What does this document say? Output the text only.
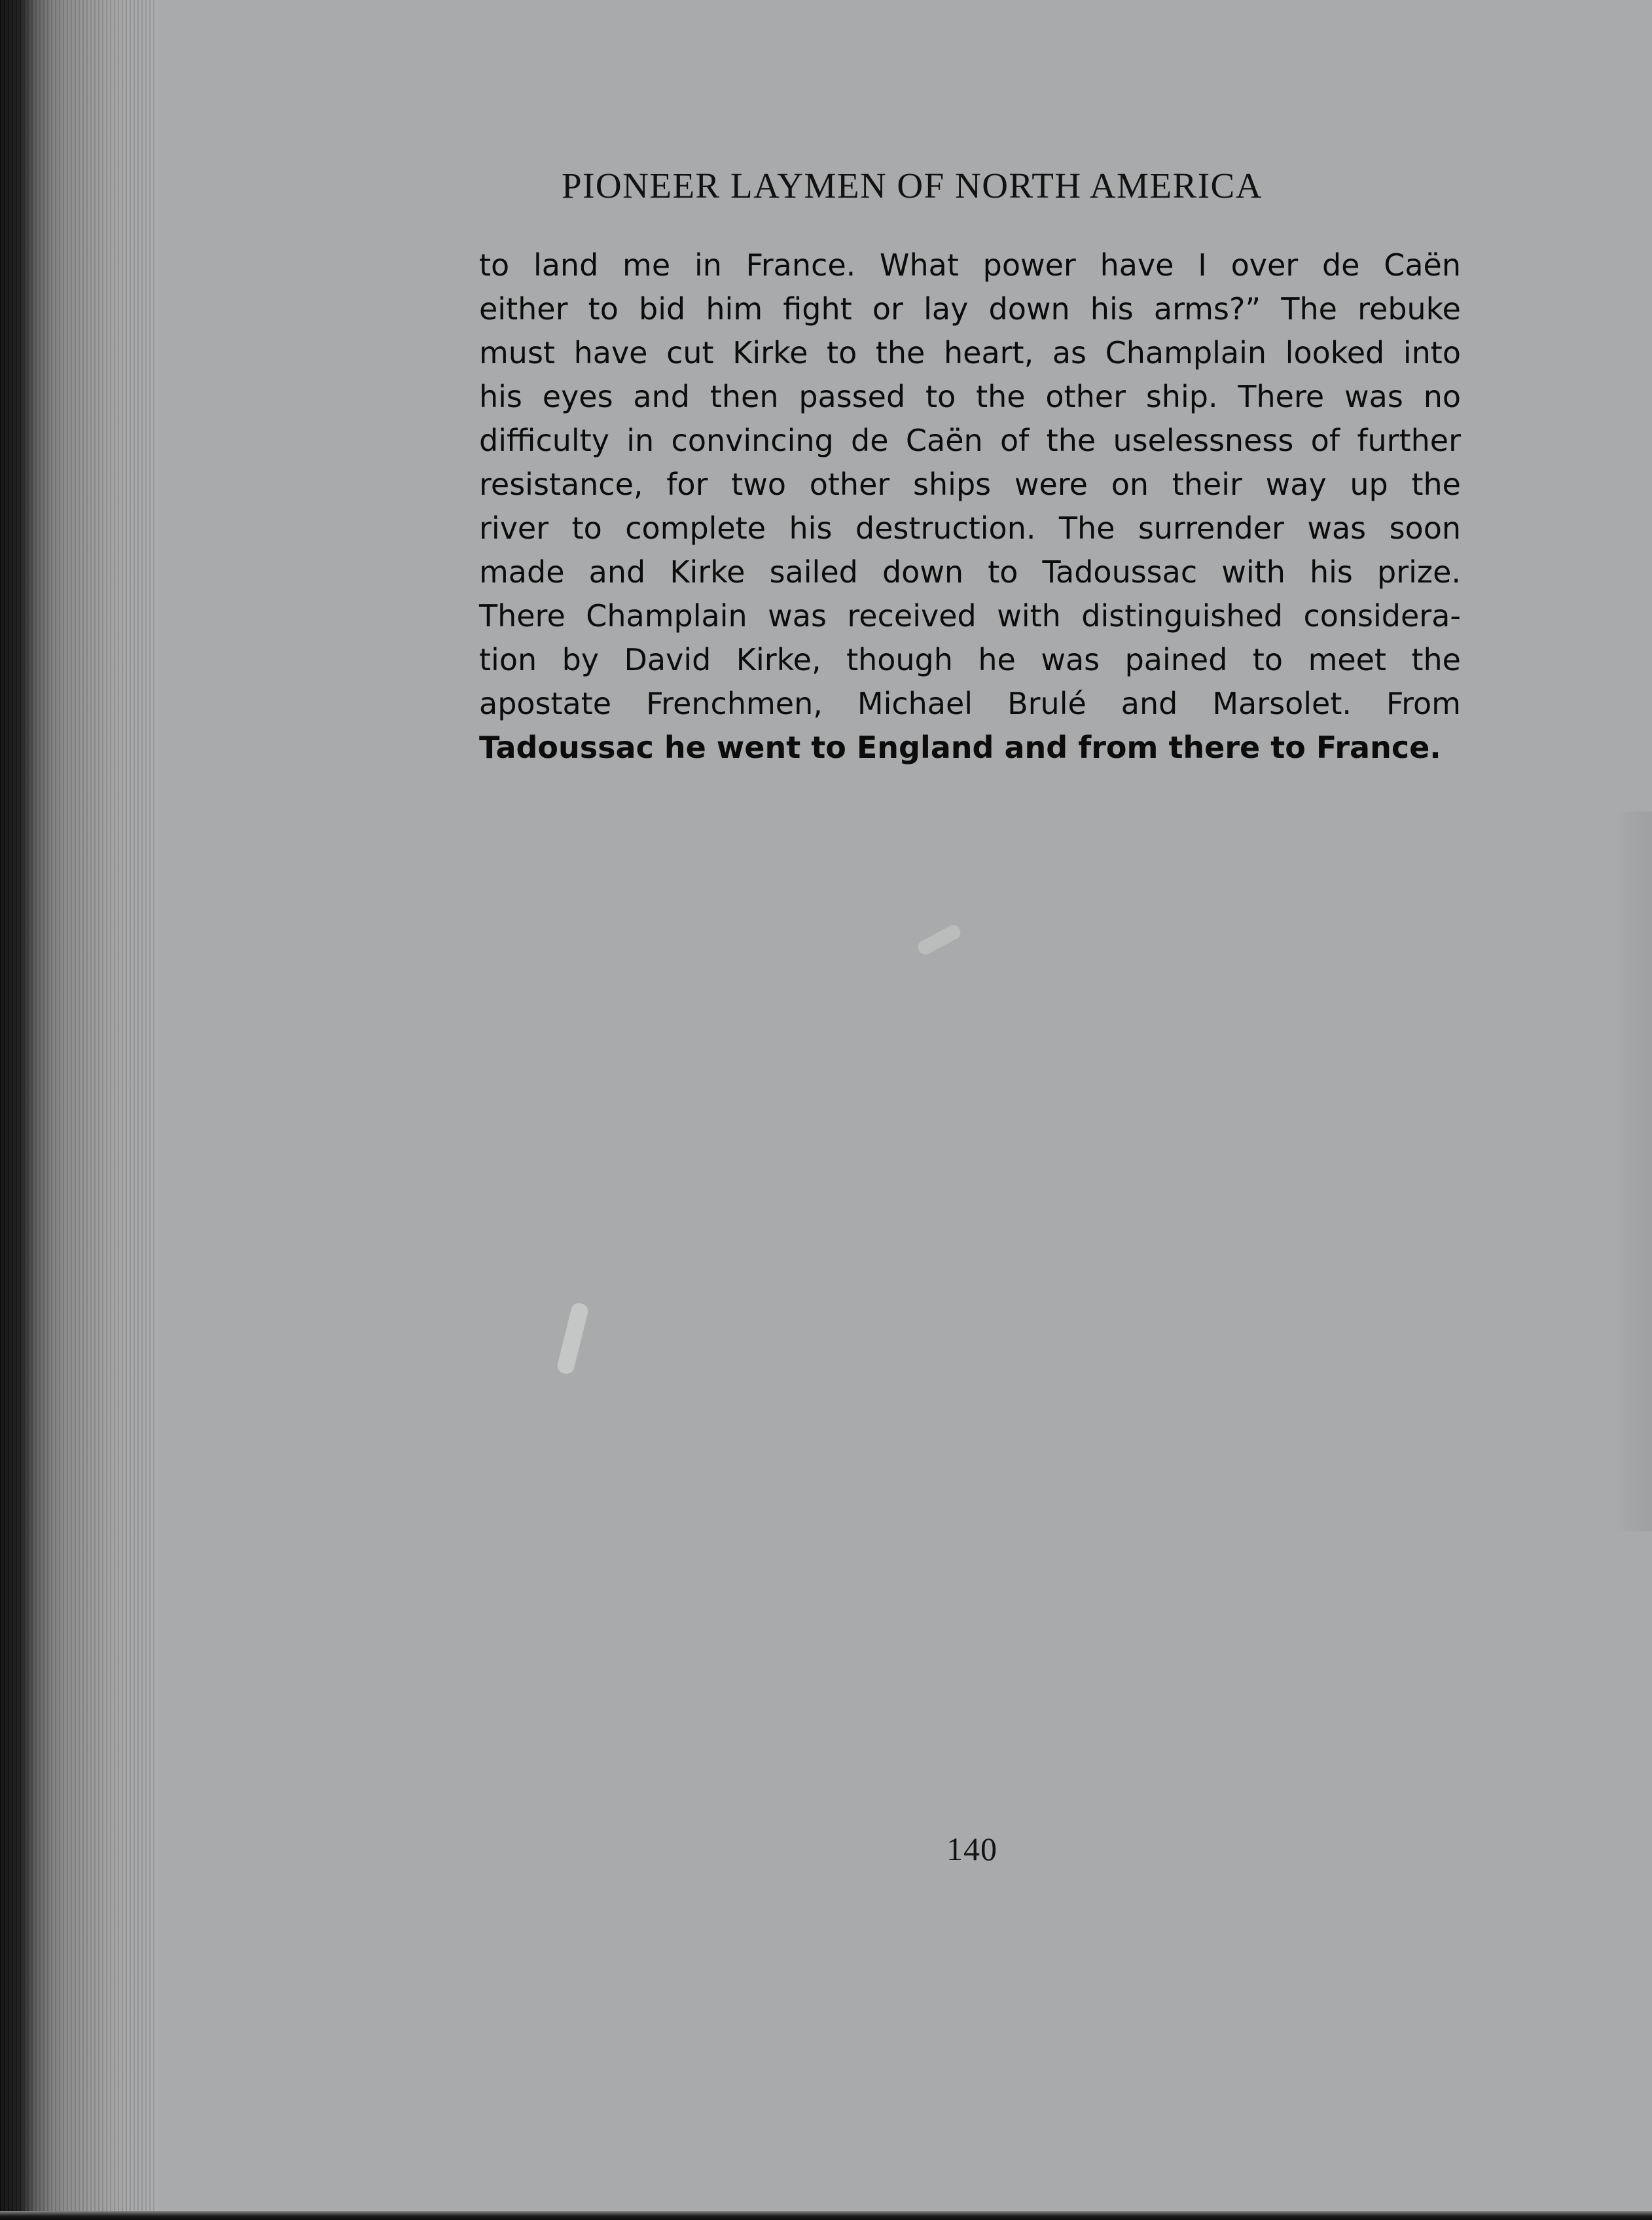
PIONEER LAYMEN OF NORTH AMERICA
to land me in France. What power have I over de Caën
either to bid him fight or lay down his arms?” The rebuke
must have cut Kirke to the heart, as Champlain looked into
his eyes and then passed to the other ship. There was no
difficulty in convincing de Caën of the uselessness of further
resistance, for two other ships were on their way up the
river to complete his destruction. The surrender was soon
made and Kirke sailed down to Tadoussac with his prize.
There Champlain was received with distinguished considera-
tion by David Kirke, though he was pained to meet the
apostate Frenchmen, Michael Brulé and Marsolet. From
Tadoussac he went to England and from there to France.
140
